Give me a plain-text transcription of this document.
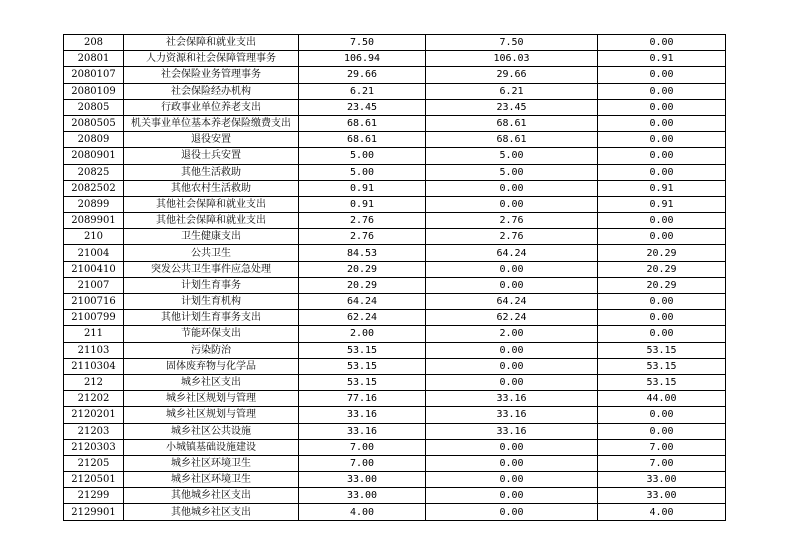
208	社会保障和就业支出	7.50	7.50	0.00
20801	人力资源和社会保障管理事务	106.94	106.03	0.91
2080107	社会保险业务管理事务	29.66	29.66	0.00
2080109	社会保险经办机构	6.21	6.21	0.00
20805	行政事业单位养老支出	23.45	23.45	0.00
2080505	机关事业单位基本养老保险缴费支出	68.61	68.61	0.00
20809	退役安置	68.61	68.61	0.00
2080901	退役士兵安置	5.00	5.00	0.00
20825	其他生活救助	5.00	5.00	0.00
2082502	其他农村生活救助	0.91	0.00	0.91
20899	其他社会保障和就业支出	0.91	0.00	0.91
2089901	其他社会保障和就业支出	2.76	2.76	0.00
210	卫生健康支出	2.76	2.76	0.00
21004	公共卫生	84.53	64.24	20.29
2100410	突发公共卫生事件应急处理	20.29	0.00	20.29
21007	计划生育事务	20.29	0.00	20.29
2100716	计划生育机构	64.24	64.24	0.00
2100799	其他计划生育事务支出	62.24	62.24	0.00
211	节能环保支出	2.00	2.00	0.00
21103	污染防治	53.15	0.00	53.15
2110304	固体废弃物与化学品	53.15	0.00	53.15
212	城乡社区支出	53.15	0.00	53.15
21202	城乡社区规划与管理	77.16	33.16	44.00
2120201	城乡社区规划与管理	33.16	33.16	0.00
21203	城乡社区公共设施	33.16	33.16	0.00
2120303	小城镇基础设施建设	7.00	0.00	7.00
21205	城乡社区环境卫生	7.00	0.00	7.00
2120501	城乡社区环境卫生	33.00	0.00	33.00
21299	其他城乡社区支出	33.00	0.00	33.00
2129901	其他城乡社区支出	4.00	0.00	4.00
